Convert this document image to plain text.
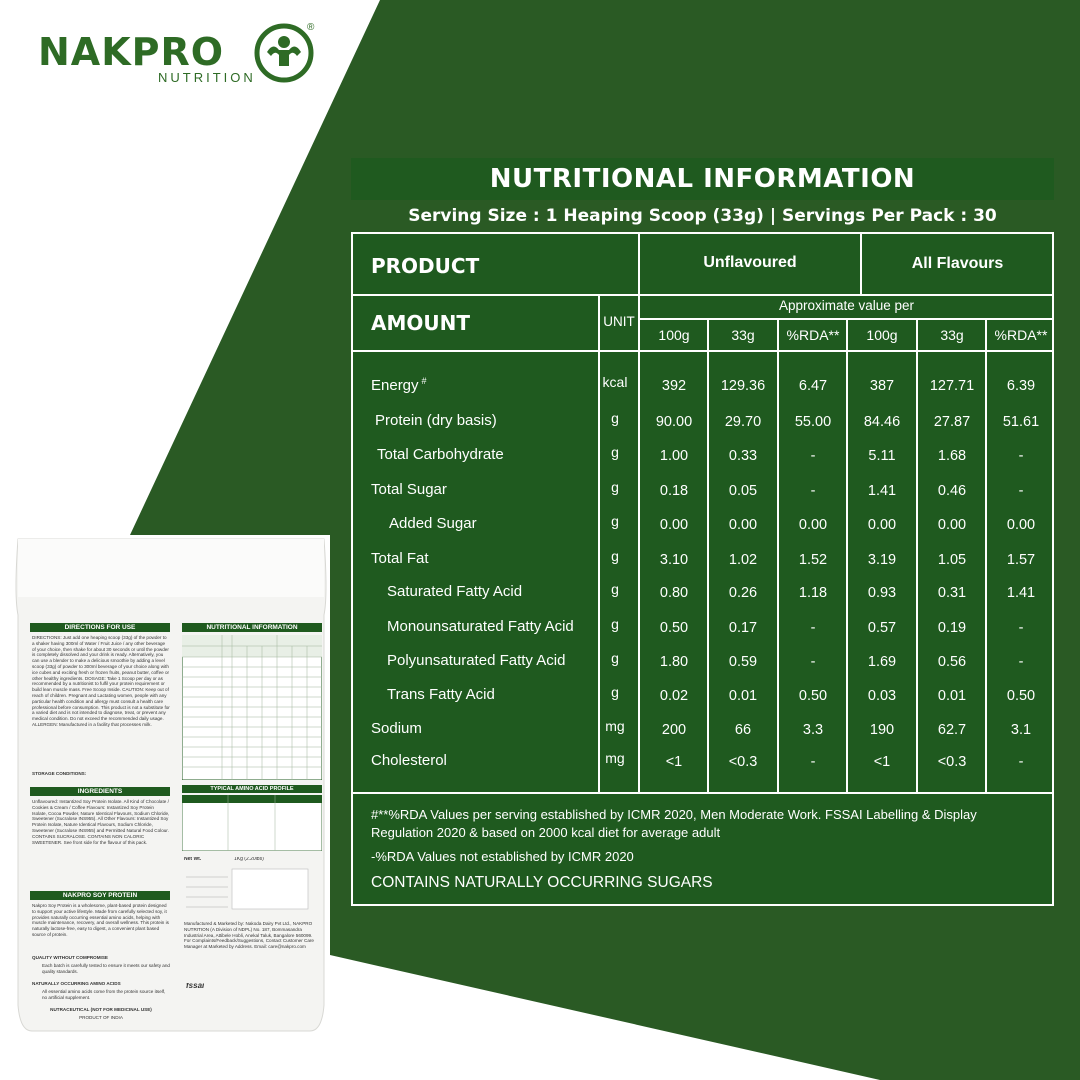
NAKPRO
NUTRITION
®
NUTRITIONAL INFORMATION
Serving Size : 1 Heaping Scoop (33g) | Servings Per Pack : 30
PRODUCT	Unflavoured	All Flavours
AMOUNT	UNIT
Approximate value per
100g	33g	%RDA**	100g	33g	%RDA**
Energy #	kcal	392	129.36	6.47	387	127.71	6.39
Protein (dry basis)	g	90.00	29.70	55.00	84.46	27.87	51.61
Total Carbohydrate	g	1.00	0.33	-	5.11	1.68	-
Total Sugar	g	0.18	0.05	-	1.41	0.46	-
Added Sugar	g	0.00	0.00	0.00	0.00	0.00	0.00
Total Fat	g	3.10	1.02	1.52	3.19	1.05	1.57
Saturated Fatty Acid	g	0.80	0.26	1.18	0.93	0.31	1.41
Monounsaturated Fatty Acid	g	0.50	0.17	-	0.57	0.19	-
Polyunsaturated Fatty Acid	g	1.80	0.59	-	1.69	0.56	-
Trans Fatty Acid	g	0.02	0.01	0.50	0.03	0.01	0.50
Sodium	mg	200	66	3.3	190	62.7	3.1
Cholesterol	mg	<1	<0.3	-	<1	<0.3	-
#**%RDA Values per serving established by ICMR 2020, Men Moderate Work. FSSAI Labelling & Display Regulation 2020 & based on 2000 kcal diet for average adult
-%RDA Values not established by ICMR 2020
CONTAINS NATURALLY OCCURRING SUGARS
DIRECTIONS FOR USE
DIRECTIONS: Just add one heaping scoop (33g) of the powder to a shaker having 300ml of Water / Fruit Juice / any other beverage of your choice, then shake for about 30 seconds or until the powder is completely dissolved and your drink is ready. Alternatively, you can use a blender to make a delicious smoothie by adding a level scoop (33g) of powder to 300ml beverage of your choice along with ice cubes and exciting fresh or frozen fruits, peanut butter, coffee or other healthy ingredients. DOSAGE: Take 1 Scoop per day or as recommended by a nutritionist to fulfil your protein requirement or build lean muscle mass. Free Scoop Inside. CAUTION: Keep out of reach of children. Pregnant and Lactating women, people with any particular health condition and allergy must consult a health care professional before consumption. This product is not a substitute for a varied diet and is not intended to diagnose, treat, or prevent any medical condition. Do not exceed the recommended daily usage. ALLERGEN: Manufactured in a facility that processes milk.
STORAGE CONDITIONS:
INGREDIENTS
Unflavoured: Instantized Soy Protein Isolate. All Kind of Chocolate / Cookies & Cream / Coffee Flavours: Instantized Soy Protein Isolate, Cocoa Powder, Nature Identical Flavours, Sodium Chloride, Sweetener (Sucralose INS955). All Other Flavours: Instantized Soy Protein Isolate, Nature Identical Flavours, Sodium Chloride, Sweetener (Sucralose INS955) and Permitted Natural Food Colour. CONTAINS SUCRALOSE. CONTAINS NON CALORIC SWEETENER. See front side for the flavour of this pack.
NAKPRO SOY PROTEIN
Nakpro Soy Protein is a wholesome, plant-based protein designed to support your active lifestyle. Made from carefully selected soy, it provides naturally occurring essential amino acids, helping with muscle maintenance, recovery, and overall wellness. This protein is naturally lactose-free, easy to digest, a convenient plant based source of protein.
QUALITY WITHOUT COMPROMISE
Each batch is carefully tested to ensure it meets our safety and quality standards.
NATURALLY OCCURRING AMINO ACIDS
All essential amino acids come from the protein source itself, no artificial supplement.
NUTRACEUTICAL (NOT FOR MEDICINAL USE)
PRODUCT OF INDIA
NUTRITIONAL INFORMATION
TYPICAL AMINO ACID PROFILE
Net Wt.	1Kg (2.20lbs)
Manufactured & Marketed by: Nakoda Dairy Pvt Ltd., NAKPRO NUTRITION (A Division of NDPL) No. 187, Bommasandra Industrial Area, Attibele Hobli, Anekal Taluk, Bangalore 560099. For Complaints/Feedback/Suggestions, Contact Customer Care Manager at Marketed by Address. Email: care@nakpro.com
fssai
